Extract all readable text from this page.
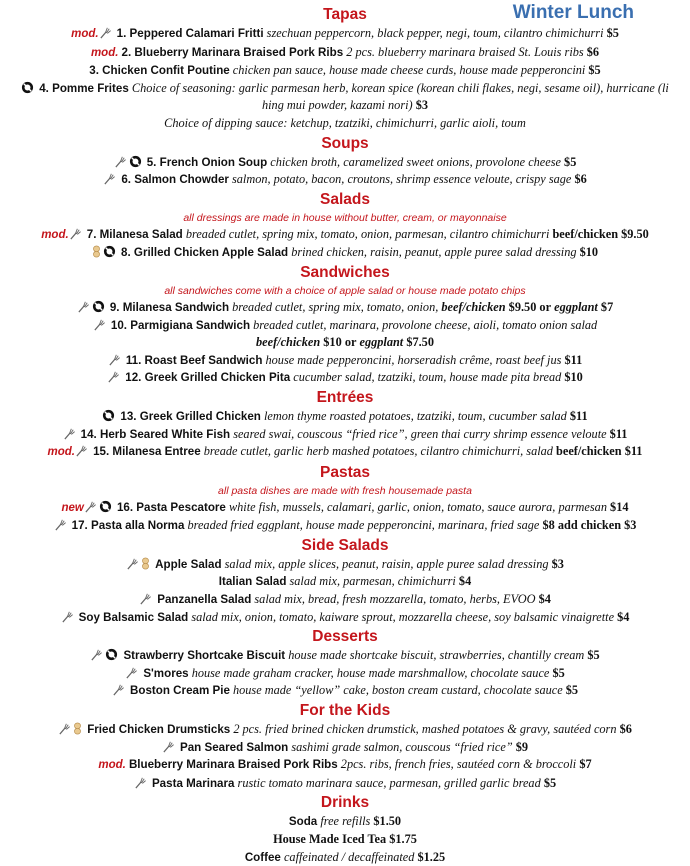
Winter Lunch
Tapas
mod. 1. Peppered Calamari Fritti szechuan peppercorn, black pepper, negi, toum, cilantro chimichurri $5
mod. 2. Blueberry Marinara Braised Pork Ribs 2 pcs. blueberry marinara braised St. Louis ribs $6
3. Chicken Confit Poutine chicken pan sauce, house made cheese curds, house made pepperoncini $5
4. Pomme Frites Choice of seasoning: garlic parmesan herb, korean spice (korean chili flakes, negi, sesame oil), hurricane (li hing mui powder, kazami nori) $3
Choice of dipping sauce: ketchup, tzatziki, chimichurri, garlic aioli, toum
Soups
5. French Onion Soup chicken broth, caramelized sweet onions, provolone cheese $5
6. Salmon Chowder salmon, potato, bacon, croutons, shrimp essence veloute, crispy sage $6
Salads
all dressings are made in house without butter, cream, or mayonnaise
mod. 7. Milanesa Salad breaded cutlet, spring mix, tomato, onion, parmesan, cilantro chimichurri beef/chicken $9.50
8. Grilled Chicken Apple Salad brined chicken, raisin, peanut, apple puree salad dressing $10
Sandwiches
all sandwiches come with a choice of apple salad or house made potato chips
9. Milanesa Sandwich breaded cutlet, spring mix, tomato, onion, beef/chicken $9.50 or eggplant $7
10. Parmigiana Sandwich breaded cutlet, marinara, provolone cheese, aioli, tomato onion salad
beef/chicken $10 or eggplant $7.50
11. Roast Beef Sandwich house made pepperoncini, horseradish crême, roast beef jus $11
12. Greek Grilled Chicken Pita cucumber salad, tzatziki, toum, house made pita bread $10
Entrées
13. Greek Grilled Chicken lemon thyme roasted potatoes, tzatziki, toum, cucumber salad $11
14. Herb Seared White Fish seared swai, couscous “fried rice”, green thai curry shrimp essence veloute $11
mod. 15. Milanesa Entree breade cutlet, garlic herb mashed potatoes, cilantro chimichurri, salad beef/chicken $11
Pastas
all pasta dishes are made with fresh housemade pasta
new	16. Pasta Pescatore white fish, mussels, calamari, garlic, onion, tomato, sauce aurora, parmesan $14
17. Pasta alla Norma breaded fried eggplant, house made pepperoncini, marinara, fried sage $8 add chicken $3
Side Salads
Apple Salad salad mix, apple slices, peanut, raisin, apple puree salad dressing $3
Italian Salad salad mix, parmesan, chimichurri $4
Panzanella Salad salad mix, bread, fresh mozzarella, tomato, herbs, EVOO $4
Soy Balsamic Salad salad mix, onion, tomato, kaiware sprout, mozzarella cheese, soy balsamic vinaigrette $4
Desserts
Strawberry Shortcake Biscuit house made shortcake biscuit, strawberries, chantilly cream $5
S'mores house made graham cracker, house made marshmallow, chocolate sauce $5
Boston Cream Pie house made “yellow” cake, boston cream custard, chocolate sauce $5
For the Kids
Fried Chicken Drumsticks 2 pcs. fried brined chicken drumstick, mashed potatoes & gravy, sautéed corn $6
Pan Seared Salmon sashimi grade salmon, couscous “fried rice” $9
mod. Blueberry Marinara Braised Pork Ribs 2pcs. ribs, french fries, sautéed corn & broccoli $7
Pasta Marinara rustic tomato marinara sauce, parmesan, grilled garlic bread $5
Drinks
Soda free refills $1.50
House Made Iced Tea $1.75
Coffee caffeinated / decaffeinated $1.25
